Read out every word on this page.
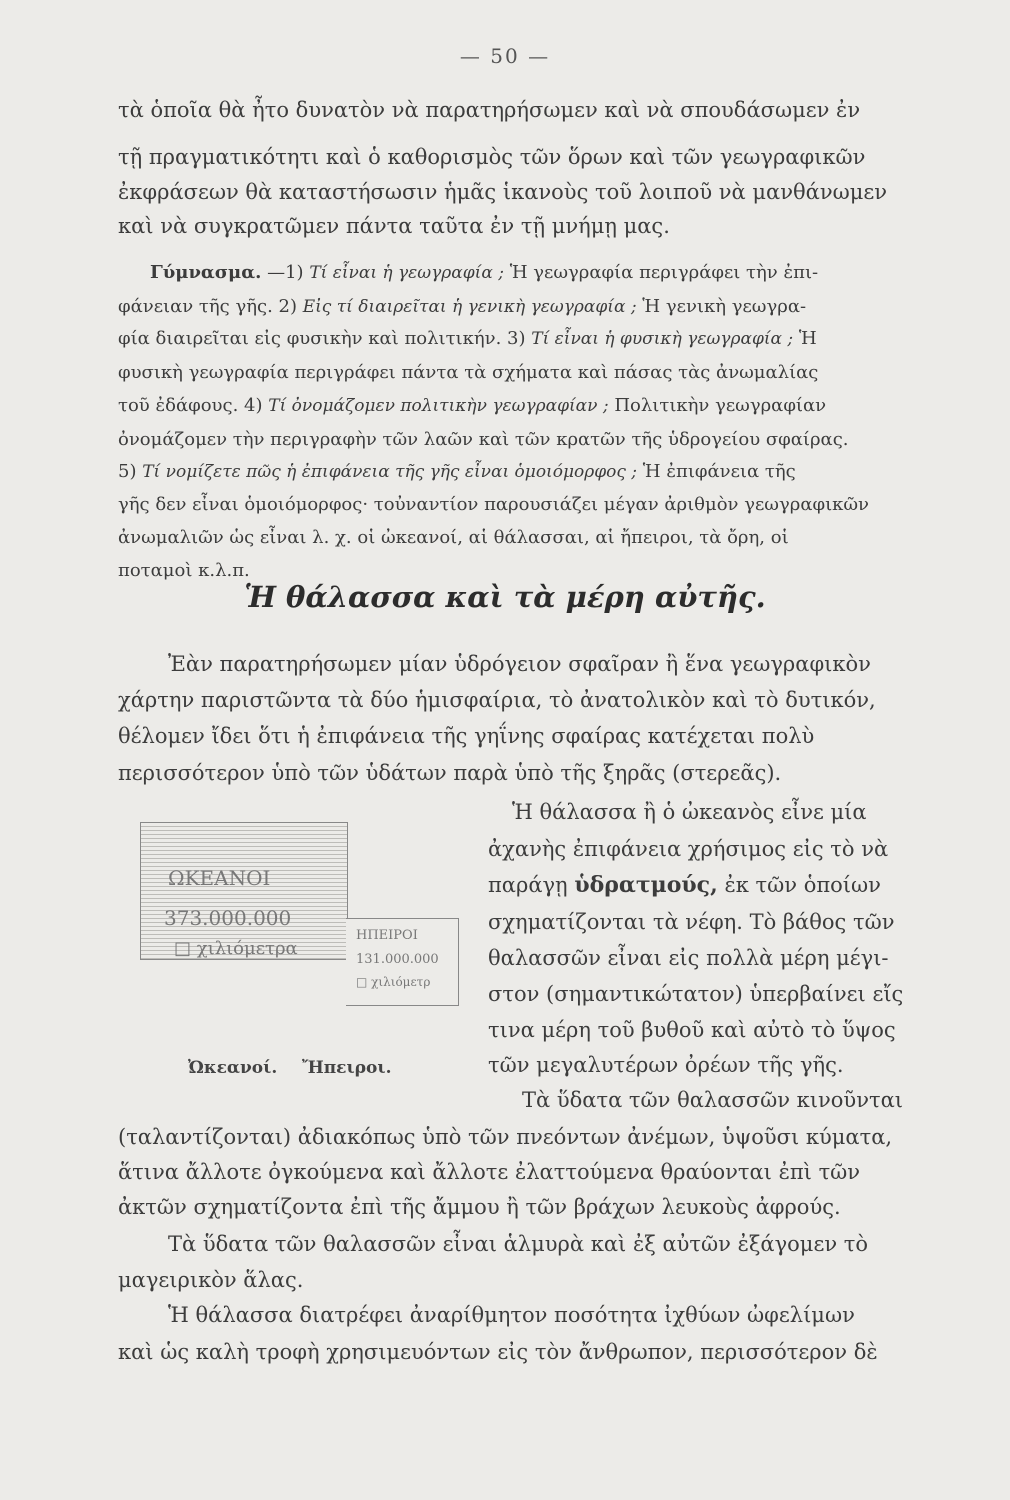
— 50 —
τὰ ὁποῖα θὰ ἦτο δυνατὸν νὰ παρατηρήσωμεν καὶ νὰ σπουδάσωμεν ἐν
τῇ πραγματικότητι καὶ ὁ καθορισμὸς τῶν ὅρων καὶ τῶν γεωγραφικῶν
ἐκφράσεων θὰ καταστήσωσιν ἡμᾶς ἱκανοὺς τοῦ λοιποῦ νὰ μανθάνωμεν
καὶ νὰ συγκρατῶμεν πάντα ταῦτα ἐν τῇ μνήμῃ μας.
Γύμνασμα. —1) Τί εἶναι ἡ γεωγραφία ; Ἡ γεωγραφία περιγράφει τὴν ἐπι-
φάνειαν τῆς γῆς. 2) Εἰς τί διαιρεῖται ἡ γενικὴ γεωγραφία ; Ἡ γενικὴ γεωγρα-
φία διαιρεῖται εἰς φυσικὴν καὶ πολιτικήν. 3) Τί εἶναι ἡ φυσικὴ γεωγραφία ; Ἡ
φυσικὴ γεωγραφία περιγράφει πάντα τὰ σχήματα καὶ πάσας τὰς ἀνωμαλίας
τοῦ ἐδάφους. 4) Τί ὀνομάζομεν πολιτικὴν γεωγραφίαν ; Πολιτικὴν γεωγραφίαν
ὀνομάζομεν τὴν περιγραφὴν τῶν λαῶν καὶ τῶν κρατῶν τῆς ὑδρογείου σφαίρας.
5) Τί νομίζετε πῶς ἡ ἐπιφάνεια τῆς γῆς εἶναι ὁμοιόμορφος ; Ἡ ἐπιφάνεια τῆς
γῆς δεν εἶναι ὁμοιόμορφος· τοὐναντίον παρουσιάζει μέγαν ἀριθμὸν γεωγραφικῶν
ἀνωμαλιῶν ὡς εἶναι λ. χ. οἱ ὠκεανοί, αἱ θάλασσαι, αἱ ἤπειροι, τὰ ὄρη, οἱ
ποταμοὶ κ.λ.π.
Ἡ θάλασσα καὶ τὰ μέρη αὐτῆς.
Ἐὰν παρατηρήσωμεν μίαν ὑδρόγειον σφαῖραν ἢ ἕνα γεωγραφικὸν
χάρτην παριστῶντα τὰ δύο ἡμισφαίρια, τὸ ἀνατολικὸν καὶ τὸ δυτικόν,
θέλομεν ἴδει ὅτι ἡ ἐπιφάνεια τῆς γηΐνης σφαίρας κατέχεται πολὺ
περισσότερον ὑπὸ τῶν ὑδάτων παρὰ ὑπὸ τῆς ξηρᾶς (στερεᾶς).
ΩΚΕΑΝΟΙ
373.000.000
□ χιλιόμετρα
ΗΠΕΙΡΟΙ
131.000.000
□ χιλιόμετρ
Ὠκεανοί. Ἤπειροι.
Ἡ θάλασσα ἢ ὁ ὠκεανὸς εἶνε μία
ἀχανὴς ἐπιφάνεια χρήσιμος εἰς τὸ νὰ
παράγῃ ὑδρατμούς, ἐκ τῶν ὁποίων
σχηματίζονται τὰ νέφη. Τὸ βάθος τῶν
θαλασσῶν εἶναι εἰς πολλὰ μέρη μέγι-
στον (σημαντικώτατον) ὑπερβαίνει εἴς
τινα μέρη τοῦ βυθοῦ καὶ αὐτὸ τὸ ὕψος
τῶν μεγαλυτέρων ὀρέων τῆς γῆς.
Τὰ ὕδατα τῶν θαλασσῶν κινοῦνται
(ταλαντίζονται) ἀδιακόπως ὑπὸ τῶν πνεόντων ἀνέμων, ὑψοῦσι κύματα,
ἅτινα ἄλλοτε ὀγκούμενα καὶ ἄλλοτε ἐλαττούμενα θραύονται ἐπὶ τῶν
ἀκτῶν σχηματίζοντα ἐπὶ τῆς ἄμμου ἢ τῶν βράχων λευκοὺς ἀφρούς.
Τὰ ὕδατα τῶν θαλασσῶν εἶναι ἁλμυρὰ καὶ ἐξ αὐτῶν ἐξάγομεν τὸ
μαγειρικὸν ἅλας.
Ἡ θάλασσα διατρέφει ἀναρίθμητον ποσότητα ἰχθύων ὠφελίμων
καὶ ὡς καλὴ τροφὴ χρησιμευόντων εἰς τὸν ἄνθρωπον, περισσότερον δὲ
